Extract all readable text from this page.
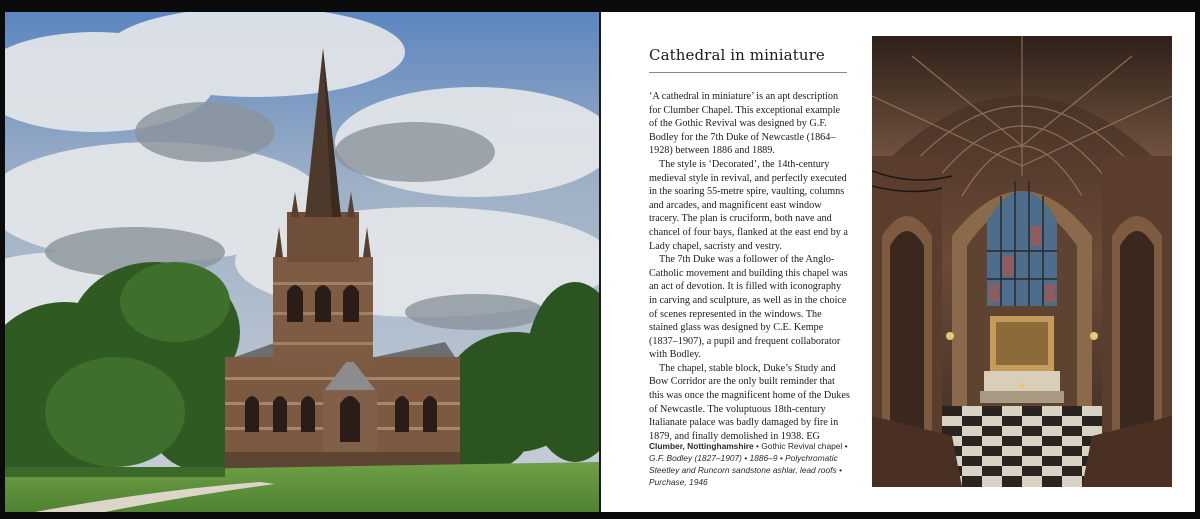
Cathedral in miniature

‘A cathedral in miniature’ is an apt description for Clumber Chapel. This exceptional example of the Gothic Revival was designed by G.F. Bodley for the 7th Duke of Newcastle (1864–1928) between 1886 and 1889.

The style is ‘Decorated’, the 14th-century medieval style in revival, and perfectly executed in the soaring 55-metre spire, vaulting, columns and arcades, and magnificent east window tracery. The plan is cruciform, both nave and chancel of four bays, flanked at the east end by a Lady chapel, sacristy and vestry.

The 7th Duke was a follower of the Anglo-Catholic movement and building this chapel was an act of devotion. It is filled with iconography in carving and sculpture, as well as in the choice of scenes represented in the windows. The stained glass was designed by C.E. Kempe (1837–1907), a pupil and frequent collaborator with Bodley.

The chapel, stable block, Duke’s Study and Bow Corridor are the only built reminder that this was once the magnificent home of the Dukes of Newcastle. The voluptuous 18th-century Italianate palace was badly damaged by fire in 1879, and finally demolished in 1938. EG

Clumber, Nottinghamshire • Gothic Revival chapel • G.F. Bodley (1827–1907) • 1886–9 • Polychromatic Steetley and Runcorn sandstone ashlar, lead roofs • Purchase, 1946
